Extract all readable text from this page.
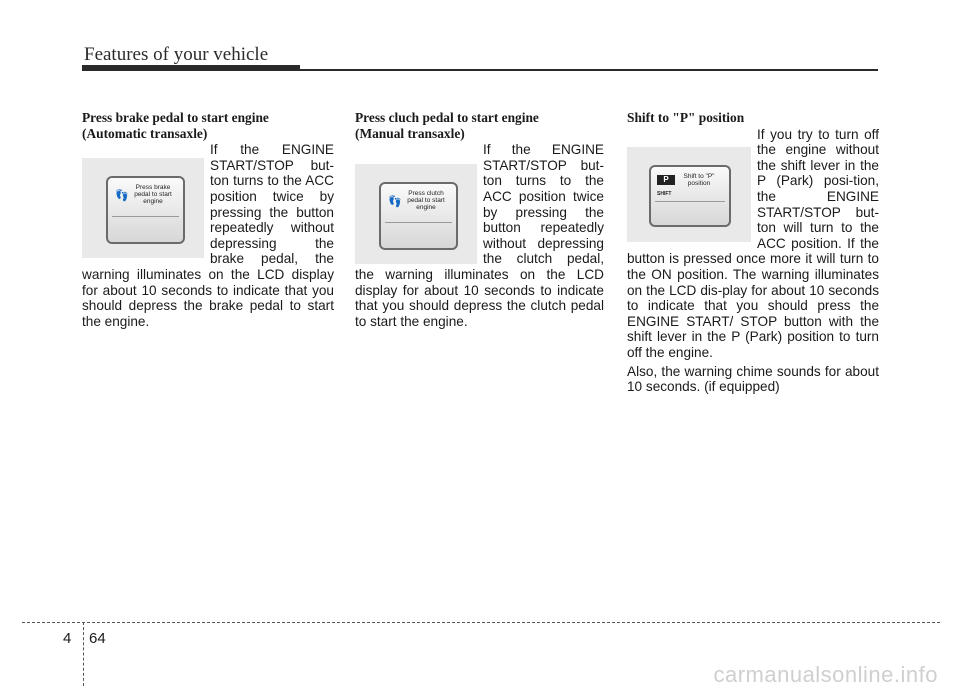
Features of your vehicle
Press brake pedal to start engine
(Automatic transaxle)
👣
Press brake pedal to start engine

If the ENGINE START/STOP but-ton turns to the ACC position twice by pressing the button repeatedly without depressing the brake pedal, the warning illuminates on the LCD display for about 10 seconds to indicate that you should depress the brake pedal to start the engine.

Press cluch pedal to start engine
(Manual transaxle)
👣
Press clutch pedal to start engine

If the ENGINE START/STOP but-ton turns to the ACC position twice by pressing the button repeatedly without depressing the clutch pedal, the warning illuminates on the LCD display for about 10 seconds to indicate that you should depress the clutch pedal to start the engine.

Shift to "P" position
P
SHIFT
Shift to "P" position

If you try to turn off the engine without the shift lever in the P (Park) posi-tion, the ENGINE START/STOP but-ton will turn to the ACC position. If the button is pressed once more it will turn to the ON position. The warning illuminates on the LCD dis-play for about 10 seconds to indicate that you should press the ENGINE START/ STOP button with the shift lever in the P (Park) position to turn off the engine.

Also, the warning chime sounds for about 10 seconds. (if equipped)

4 64
carmanualsonline.info
